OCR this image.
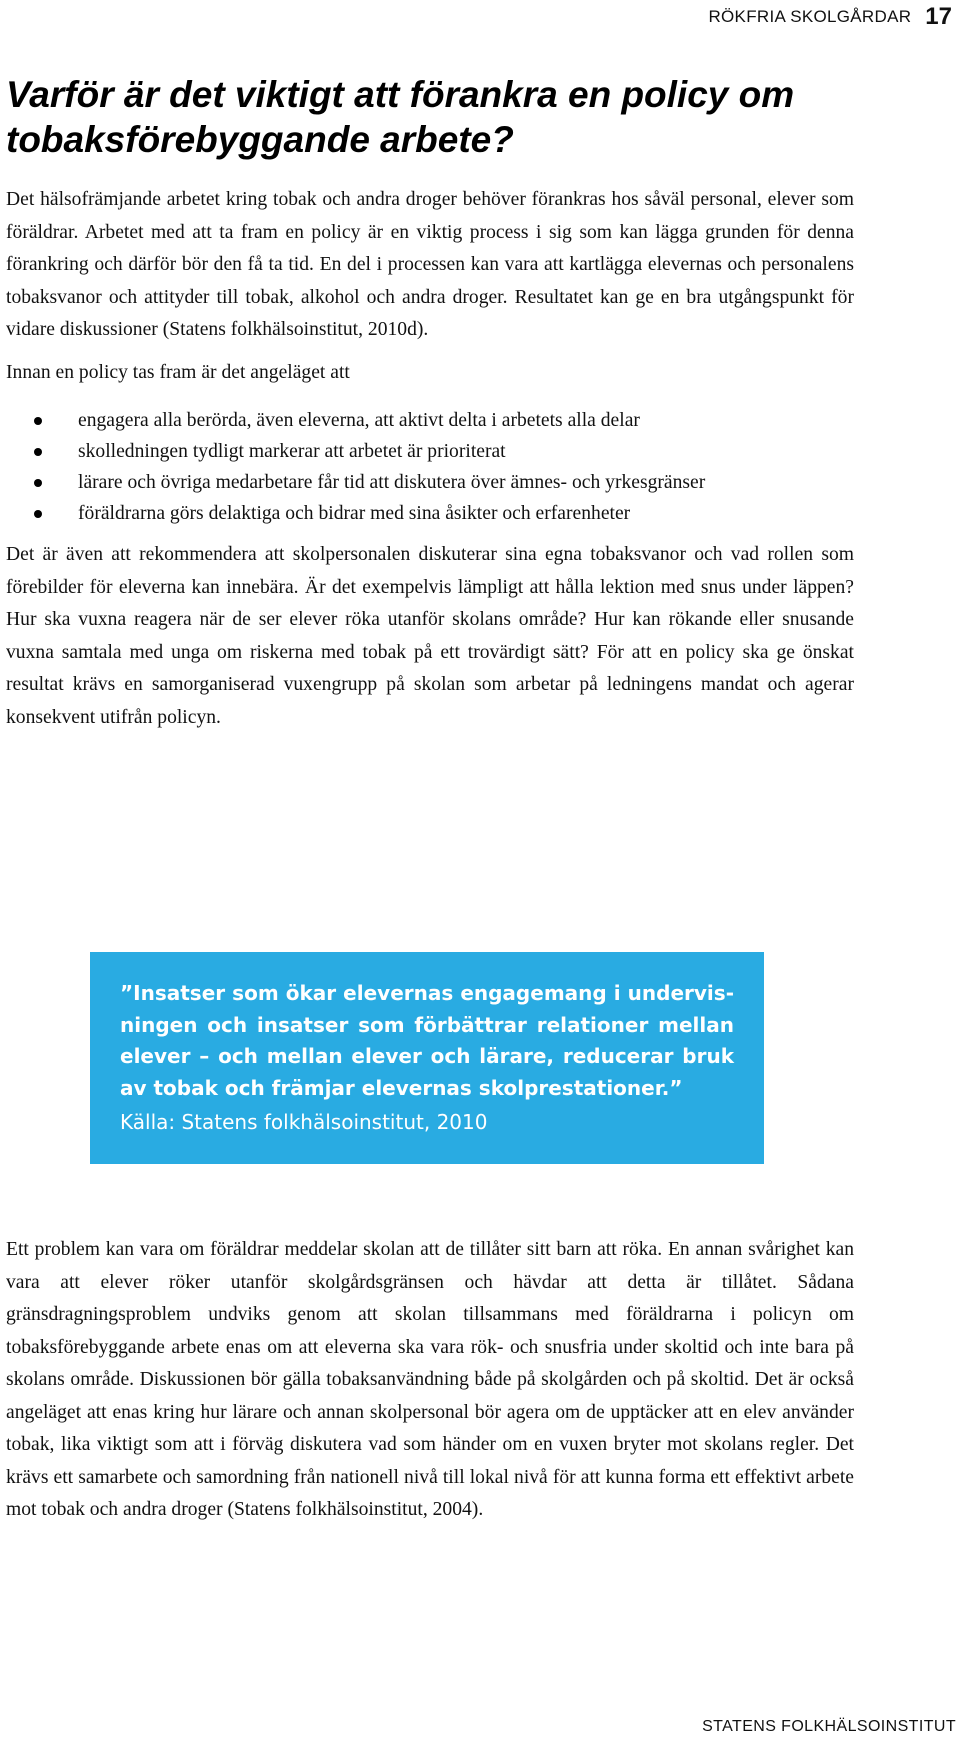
RÖKFRIA SKOLGÅRDAR 17
Varför är det viktigt att förankra en policy om tobaksförebyggande arbete?

Det hälsofrämjande arbetet kring tobak och andra droger behöver förankras hos såväl personal, elever som föräldrar. Arbetet med att ta fram en policy är en viktig process i sig som kan lägga grunden för denna förankring och därför bör den få ta tid. En del i processen kan vara att kartlägga elevernas och personalens tobaksvanor och attityder till tobak, alkohol och andra droger. Resultatet kan ge en bra utgångspunkt för vidare diskussioner (Statens folkhälsoinstitut, 2010d).

Innan en policy tas fram är det angeläget att

engagera alla berörda, även eleverna, att aktivt delta i arbetets alla delar
skolledningen tydligt markerar att arbetet är prioriterat
lärare och övriga medarbetare får tid att diskutera över ämnes- och yrkesgränser
föräldrarna görs delaktiga och bidrar med sina åsikter och erfarenheter

Det är även att rekommendera att skolpersonalen diskuterar sina egna tobaksvanor och vad rollen som förebilder för eleverna kan innebära. Är det exempelvis lämpligt att hålla lektion med snus under läppen? Hur ska vuxna reagera när de ser elever röka utanför skolans område? Hur kan rökande eller snusande vuxna samtala med unga om riskerna med tobak på ett trovärdigt sätt? För att en policy ska ge önskat resultat krävs en samorganiserad vuxengrupp på skolan som arbetar på ledningens mandat och agerar konsekvent utifrån policyn.

”Insatser som ökar elevernas engagemang i undervis- ningen och insatser som förbättrar relationer mellan elever – och mellan elever och lärare, reducerar bruk av tobak och främjar elevernas skolprestationer.”

Källa: Statens folkhälsoinstitut, 2010

Ett problem kan vara om föräldrar meddelar skolan att de tillåter sitt barn att röka. En annan svårighet kan vara att elever röker utanför skolgårdsgränsen och hävdar att detta är tillåtet. Sådana gränsdragningsproblem undviks genom att skolan tillsammans med föräldrarna i policyn om tobaksförebyggande arbete enas om att eleverna ska vara rök- och snusfria under skoltid och inte bara på skolans område. Diskussionen bör gälla tobaksanvändning både på skolgården och på skoltid. Det är också angeläget att enas kring hur lärare och annan skolpersonal bör agera om de upptäcker att en elev använder tobak, lika viktigt som att i förväg diskutera vad som händer om en vuxen bryter mot skolans regler. Det krävs ett samarbete och samordning från nationell nivå till lokal nivå för att kunna forma ett effektivt arbete mot tobak och andra droger (Statens folkhälsoinstitut, 2004).

STATENS FOLKHÄLSOINSTITUT
